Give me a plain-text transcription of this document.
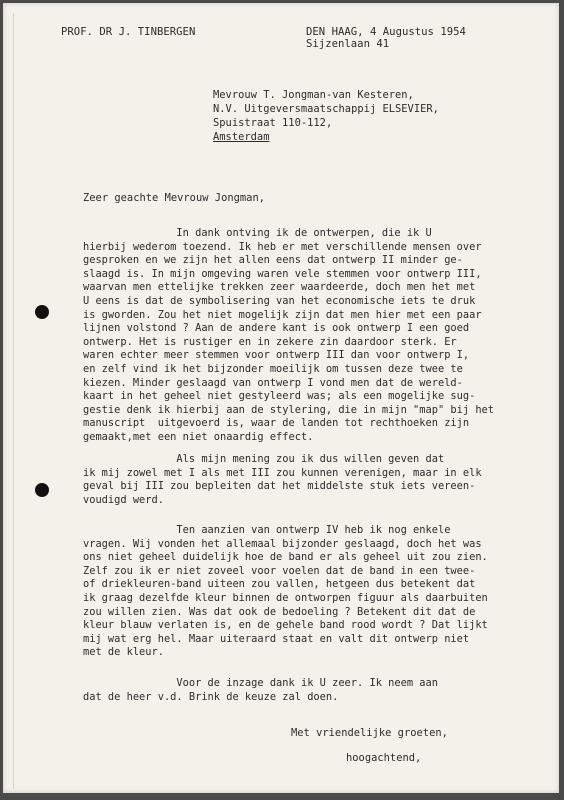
PROF. DR J. TINBERGEN	DEN HAAG, 4 Augustus 1954
Sijzenlaan 41
Mevrouw T. Jongman-van Kesteren,
N.V. Uitgeversmaatschappij ELSEVIER,
Spuistraat 110-112,
Amsterdam
Zeer geachte Mevrouw Jongman,
In dank ontving ik de ontwerpen, die ik U
hierbij wederom toezend. Ik heb er met verschillende mensen over
gesproken en we zijn het allen eens dat ontwerp II minder ge-
slaagd is. In mijn omgeving waren vele stemmen voor ontwerp III,
waarvan men ettelijke trekken zeer waardeerde, doch men het met
U eens is dat de symbolisering van het economische iets te druk
is gworden. Zou het niet mogelijk zijn dat men hier met een paar
lijnen volstond ? Aan de andere kant is ook ontwerp I een goed
ontwerp. Het is rustiger en in zekere zin daardoor sterk. Er
waren echter meer stemmen voor ontwerp III dan voor ontwerp I,
en zelf vind ik het bijzonder moeilijk om tussen deze twee te
kiezen. Minder geslaagd van ontwerp I vond men dat de wereld-
kaart in het geheel niet gestyleerd was; als een mogelijke sug-
gestie denk ik hierbij aan de stylering, die in mijn "map" bij het
manuscript  uitgevoerd is, waar de landen tot rechthoeken zijn
gemaakt,met een niet onaardig effect.
Als mijn mening zou ik dus willen geven dat
ik mij zowel met I als met III zou kunnen verenigen, maar in elk
geval bij III zou bepleiten dat het middelste stuk iets vereen-
voudigd werd.
Ten aanzien van ontwerp IV heb ik nog enkele
vragen. Wij vonden het allemaal bijzonder geslaagd, doch het was
ons niet geheel duidelijk hoe de band er als geheel uit zou zien.
Zelf zou ik er niet zoveel voor voelen dat de band in een twee-
of driekleuren-band uiteen zou vallen, hetgeen dus betekent dat
ik graag dezelfde kleur binnen de ontworpen figuur als daarbuiten
zou willen zien. Was dat ook de bedoeling ? Betekent dit dat de
kleur blauw verlaten is, en de gehele band rood wordt ? Dat lijkt
mij wat erg hel. Maar uiteraard staat en valt dit ontwerp niet
met de kleur.
Voor de inzage dank ik U zeer. Ik neem aan
dat de heer v.d. Brink de keuze zal doen.
Met vriendelijke groeten,
hoogachtend,
